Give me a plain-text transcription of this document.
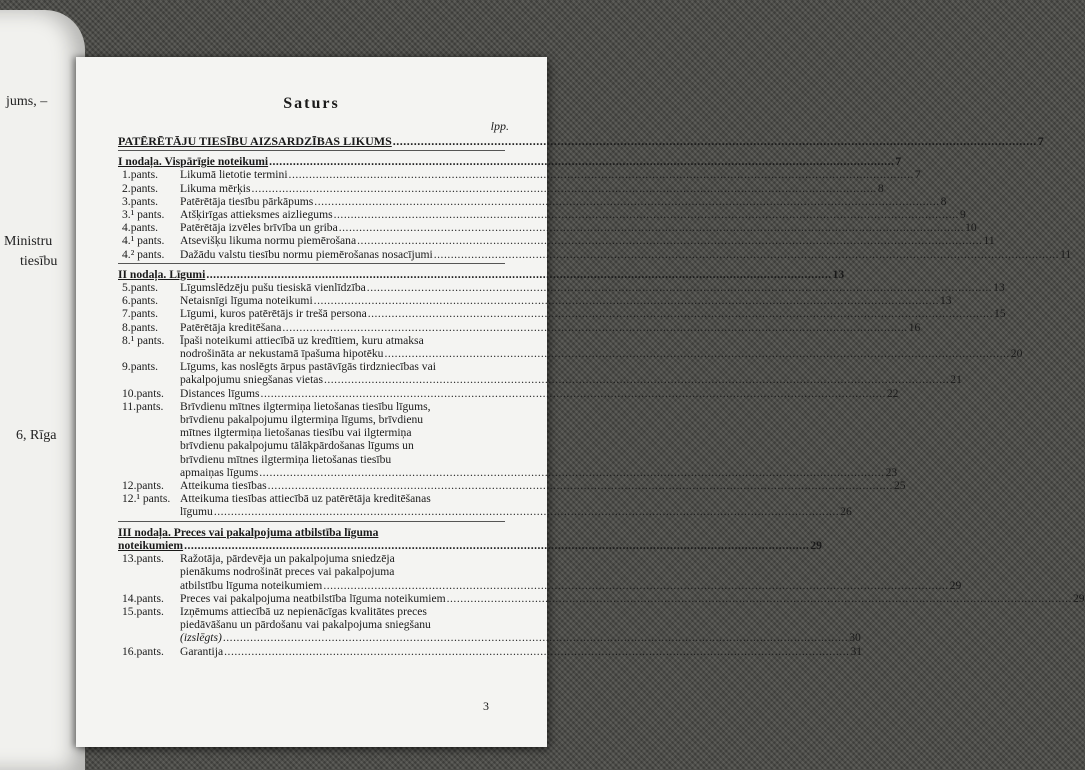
jums, –
Ministru
tiesību
6, Rīga
Saturs
lpp.
PATĒRĒTĀJU TIESĪBU AIZSARDZĪBAS LIKUMS .....	7
I nodaļa. Vispārīgie noteikumi .....	7
1.pants.	Likumā lietotie termini .....	7
2.pants.	Likuma mērķis .....	8
3.pants.	Patērētāja tiesību pārkāpums .....	8
3.¹ pants.	Atšķirīgas attieksmes aizliegums .....	9
4.pants.	Patērētāja izvēles brīvība un griba .....	10
4.¹ pants.	Atsevišķu likuma normu piemērošana .....	11
4.² pants.	Dažādu valstu tiesību normu piemērošanas nosacījumi .....	11
II nodaļa. Līgumi .....	13
5.pants.	Līgumslēdzēju pušu tiesiskā vienlīdzība .....	13
6.pants.	Netaisnīgi līguma noteikumi .....	13
7.pants.	Līgumi, kuros patērētājs ir trešā persona .....	15
8.pants.	Patērētāja kreditēšana .....	16
8.¹ pants.	Īpaši noteikumi attiecībā uz kredītiem, kuru atmaksa
nodrošināta ar nekustamā īpašuma hipotēku .....	20
9.pants.	Līgums, kas noslēgts ārpus pastāvīgās tirdzniecības vai
pakalpojumu sniegšanas vietas .....	21
10.pants.	Distances līgums .....	22
11.pants.	Brīvdienu mītnes ilgtermiņa lietošanas tiesību līgums,
brīvdienu pakalpojumu ilgtermiņa līgums, brīvdienu
mītnes ilgtermiņa lietošanas tiesību vai ilgtermiņa
brīvdienu pakalpojumu tālākpārdošanas līgums un
brīvdienu mītnes ilgtermiņa lietošanas tiesību
apmaiņas līgums .....	23
12.pants.	Atteikuma tiesības .....	25
12.¹ pants. Atteikuma tiesības attiecībā uz patērētāja kreditēšanas
līgumu .....	26
III nodaļa. Preces vai pakalpojuma atbilstība līguma
noteikumiem .....	29
13.pants.	Ražotāja, pārdevēja un pakalpojuma sniedzēja
pienākums nodrošināt preces vai pakalpojuma
atbilstību līguma noteikumiem .....	29
14.pants.	Preces vai pakalpojuma neatbilstība līguma noteikumiem .....	29
15.pants.	Izņēmums attiecībā uz nepienācīgas kvalitātes preces
piedāvāšanu un pārdošanu vai pakalpojuma sniegšanu
(izslēgts) .....	30
16.pants.	Garantija .....	31
3
